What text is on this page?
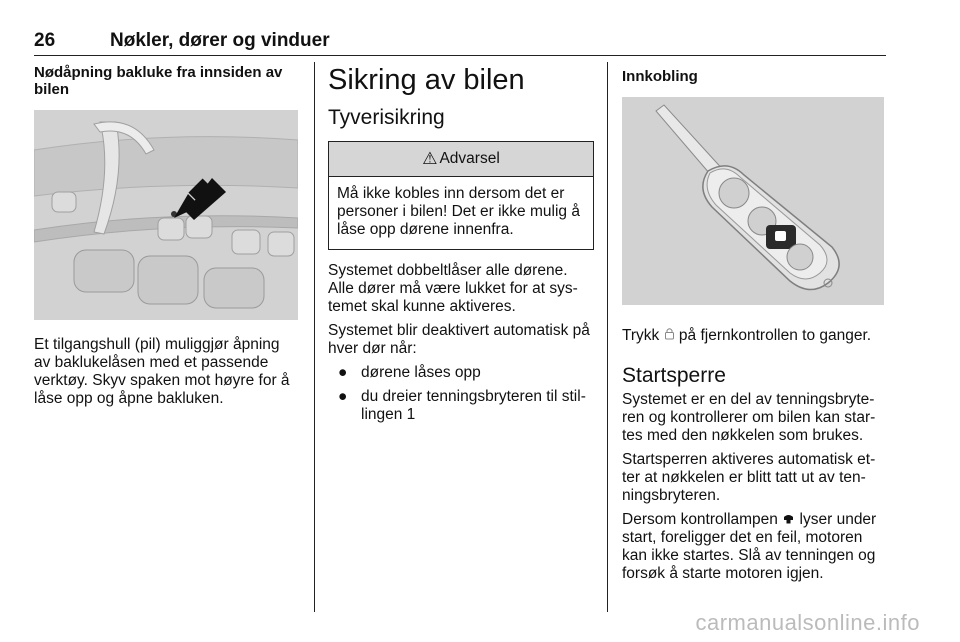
26	Nøkler, dører og vinduer

Nødåpning bakluke fra innsiden av bilen

Et tilgangshull (pil) muliggjør åpning av baklukelåsen med et passende verktøy. Skyv spaken mot høyre for å låse opp og åpne bakluken.

Sikring av bilen
Tyverisikring
⚠ Advarsel
Må ikke kobles inn dersom det er personer i bilen! Det er ikke mulig å låse opp dørene innenfra.

Systemet dobbeltlåser alle dørene. Alle dører må være lukket for at sys-temet skal kunne aktiveres.

Systemet blir deaktivert automatisk på hver dør når:

● dørene låses opp
● du dreier tenningsbryteren til stil-lingen 1

Innkobling

Trykk  på fjernkontrollen to ganger.

Startsperre

Systemet er en del av tenningsbryte-ren og kontrollerer om bilen kan star-tes med den nøkkelen som brukes.

Startsperren aktiveres automatisk et-ter at nøkkelen er blitt tatt ut av ten-ningsbryteren.

Dersom kontrollampen  lyser under start, foreligger det en feil, motoren kan ikke startes. Slå av tenningen og forsøk å starte motoren igjen.

carmanualsonline.info
